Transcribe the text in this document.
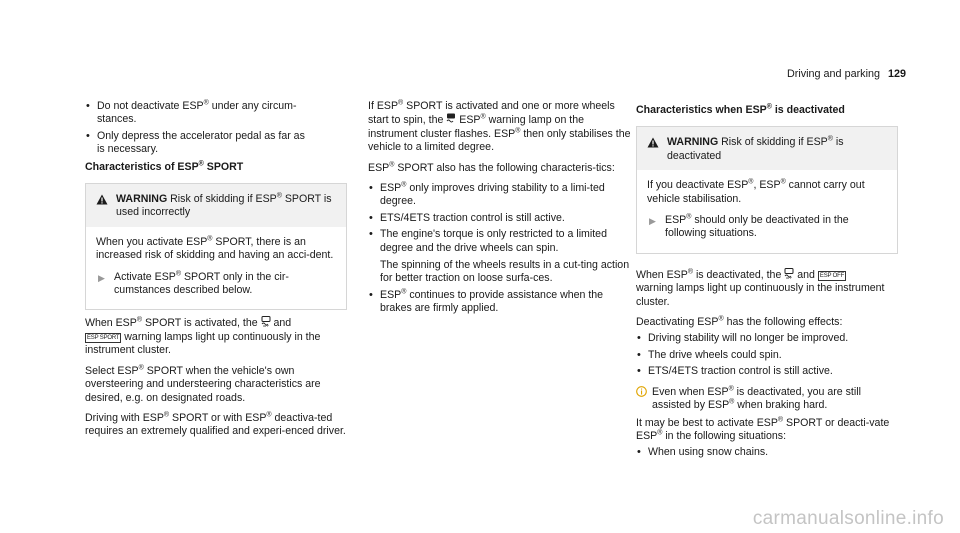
Driving and parking 129
• Do not deactivate ESP® under any circum-
stances.
• Only depress the accelerator pedal as far as
is necessary.
Characteristics of ESP® SPORT
WARNING Risk of skidding if ESP® SPORT is used incorrectly
When you activate ESP® SPORT, there is an increased risk of skidding and having an acci-dent.
▶ Activate ESP® SPORT only in the cir-cumstances described below.

When ESP® SPORT is activated, the OFF and
ESP SPORT warning lamps light up continuously in the instrument cluster.

Select ESP® SPORT when the vehicle's own oversteering and understeering characteristics are desired, e.g. on designated roads.

Driving with ESP® SPORT or with ESP® deactiva-ted requires an extremely qualified and experi-enced driver.

If ESP® SPORT is activated and one or more wheels start to spin, the ESP® warning lamp on the instrument cluster flashes. ESP® then only stabilises the vehicle to a limited degree.

ESP® SPORT also has the following characteris-tics:

• ESP® only improves driving stability to a limi-ted degree.
• ETS/4ETS traction control is still active.
• The engine's torque is only restricted to a limited degree and the drive wheels can spin.
The spinning of the wheels results in a cut-ting action for better traction on loose surfa-ces.
• ESP® continues to provide assistance when the brakes are firmly applied.
Characteristics when ESP® is deactivated
WARNING Risk of skidding if ESP® is deactivated
If you deactivate ESP®, ESP® cannot carry out vehicle stabilisation.
▶ ESP® should only be deactivated in the following situations.

When ESP® is deactivated, the OFF and ESP OFF
warning lamps light up continuously in the instrument cluster.

Deactivating ESP® has the following effects:

• Driving stability will no longer be improved.
• The drive wheels could spin.
• ETS/4ETS traction control is still active.
Even when ESP® is deactivated, you are still assisted by ESP® when braking hard.

It may be best to activate ESP® SPORT or deacti-vate ESP® in the following situations:

• When using snow chains.
carmanualsonline.info
